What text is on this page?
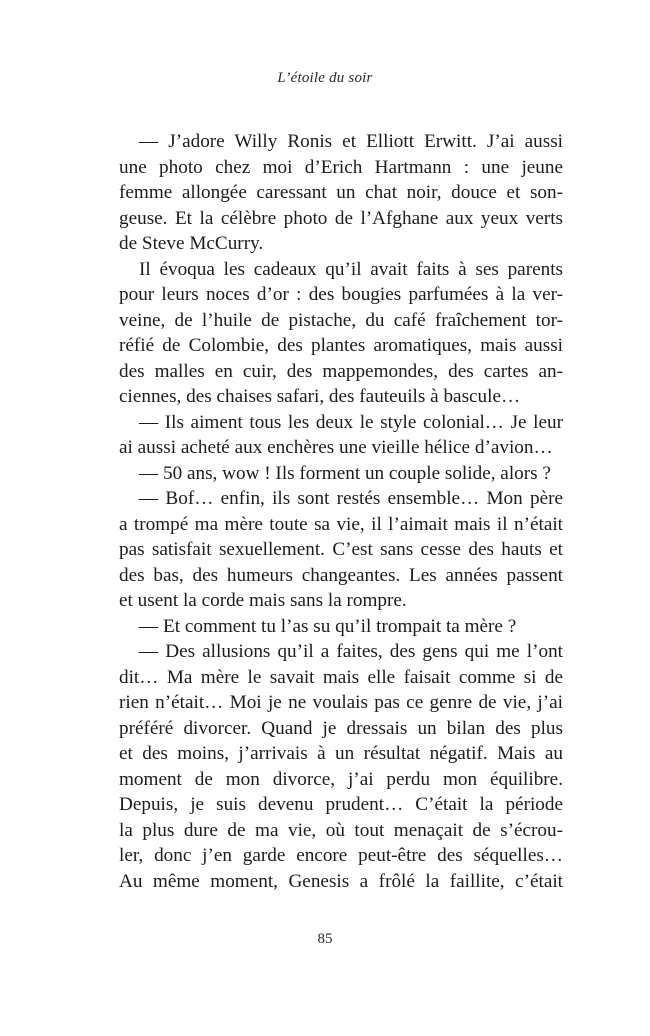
L’étoile du soir
— J’adore Willy Ronis et Elliott Erwitt. J’ai aussi
une photo chez moi d’Erich Hartmann : une jeune
femme allongée caressant un chat noir, douce et son-
geuse. Et la célèbre photo de l’Afghane aux yeux verts
de Steve McCurry.
Il évoqua les cadeaux qu’il avait faits à ses parents
pour leurs noces d’or : des bougies parfumées à la ver-
veine, de l’huile de pistache, du café fraîchement tor-
réfié de Colombie, des plantes aromatiques, mais aussi
des malles en cuir, des mappemondes, des cartes an-
ciennes, des chaises safari, des fauteuils à bascule…
— Ils aiment tous les deux le style colonial… Je leur
ai aussi acheté aux enchères une vieille hélice d’avion…
— 50 ans, wow ! Ils forment un couple solide, alors ?
— Bof… enfin, ils sont restés ensemble… Mon père
a trompé ma mère toute sa vie, il l’aimait mais il n’était
pas satisfait sexuellement. C’est sans cesse des hauts et
des bas, des humeurs changeantes. Les années passent
et usent la corde mais sans la rompre.
— Et comment tu l’as su qu’il trompait ta mère ?
— Des allusions qu’il a faites, des gens qui me l’ont
dit… Ma mère le savait mais elle faisait comme si de
rien n’était… Moi je ne voulais pas ce genre de vie, j’ai
préféré divorcer. Quand je dressais un bilan des plus
et des moins, j’arrivais à un résultat négatif. Mais au
moment de mon divorce, j’ai perdu mon équilibre.
Depuis, je suis devenu prudent… C’était la période
la plus dure de ma vie, où tout menaçait de s’écrou-
ler, donc j’en garde encore peut-être des séquelles…
Au même moment, Genesis a frôlé la faillite, c’était
85
